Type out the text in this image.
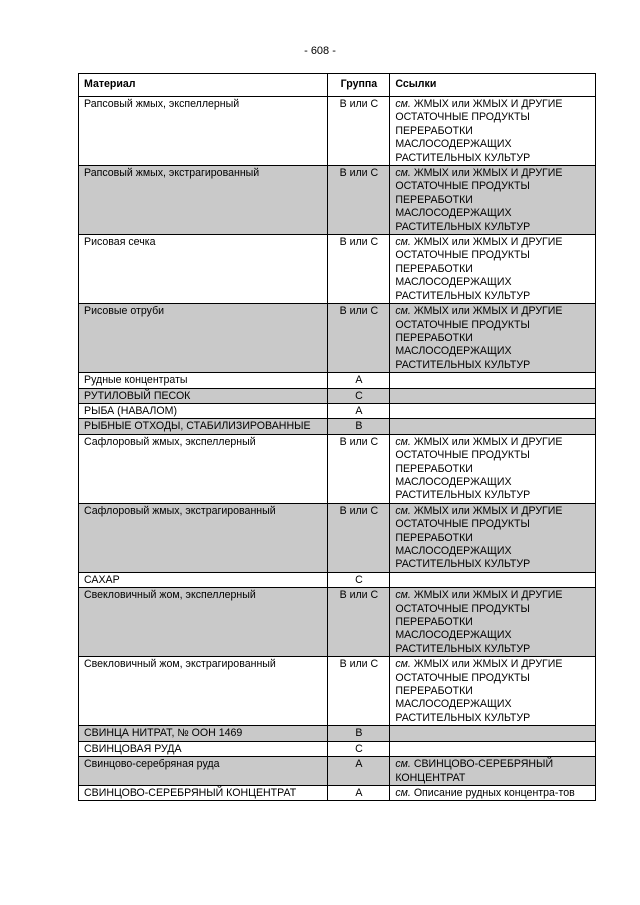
- 608 -
Материал	Группа	Ссылки
Рапсовый жмых, экспеллерный	В или С	см. ЖМЫХ или ЖМЫХ И ДРУГИЕ ОСТАТОЧНЫЕ ПРОДУКТЫ ПЕРЕРАБОТКИ МАСЛОСОДЕРЖАЩИХ РАСТИТЕЛЬНЫХ КУЛЬТУР
Рапсовый жмых, экстрагированный	В или С	см. ЖМЫХ или ЖМЫХ И ДРУГИЕ ОСТАТОЧНЫЕ ПРОДУКТЫ ПЕРЕРАБОТКИ МАСЛОСОДЕРЖАЩИХ РАСТИТЕЛЬНЫХ КУЛЬТУР
Рисовая сечка	В или С	см. ЖМЫХ или ЖМЫХ И ДРУГИЕ ОСТАТОЧНЫЕ ПРОДУКТЫ ПЕРЕРАБОТКИ МАСЛОСОДЕРЖАЩИХ РАСТИТЕЛЬНЫХ КУЛЬТУР
Рисовые отруби	В или С	см. ЖМЫХ или ЖМЫХ И ДРУГИЕ ОСТАТОЧНЫЕ ПРОДУКТЫ ПЕРЕРАБОТКИ МАСЛОСОДЕРЖАЩИХ РАСТИТЕЛЬНЫХ КУЛЬТУР
Рудные концентраты	А	
РУТИЛОВЫЙ ПЕСОК	С	
РЫБА (НАВАЛОМ)	А	
РЫБНЫЕ ОТХОДЫ, СТАБИЛИЗИРОВАННЫЕ	В	
Сафлоровый жмых, экспеллерный	В или С	см. ЖМЫХ или ЖМЫХ И ДРУГИЕ ОСТАТОЧНЫЕ ПРОДУКТЫ ПЕРЕРАБОТКИ МАСЛОСОДЕРЖАЩИХ РАСТИТЕЛЬНЫХ КУЛЬТУР
Сафлоровый жмых, экстрагированный	В или С	см. ЖМЫХ или ЖМЫХ И ДРУГИЕ ОСТАТОЧНЫЕ ПРОДУКТЫ ПЕРЕРАБОТКИ МАСЛОСОДЕРЖАЩИХ РАСТИТЕЛЬНЫХ КУЛЬТУР
САХАР	С	
Свекловичный жом, экспеллерный	В или С	см. ЖМЫХ или ЖМЫХ И ДРУГИЕ ОСТАТОЧНЫЕ ПРОДУКТЫ ПЕРЕРАБОТКИ МАСЛОСОДЕРЖАЩИХ РАСТИТЕЛЬНЫХ КУЛЬТУР
Свекловичный жом, экстрагированный	В или С	см. ЖМЫХ или ЖМЫХ И ДРУГИЕ ОСТАТОЧНЫЕ ПРОДУКТЫ ПЕРЕРАБОТКИ МАСЛОСОДЕРЖАЩИХ РАСТИТЕЛЬНЫХ КУЛЬТУР
СВИНЦА НИТРАТ, № ООН 1469	В	
СВИНЦОВАЯ РУДА	С	
Свинцово-серебряная руда	А	см. СВИНЦОВО-СЕРЕБРЯНЫЙ КОНЦЕНТРАТ
СВИНЦОВО-СЕРЕБРЯНЫЙ КОНЦЕНТРАТ	А	см. Описание рудных концентра-тов
